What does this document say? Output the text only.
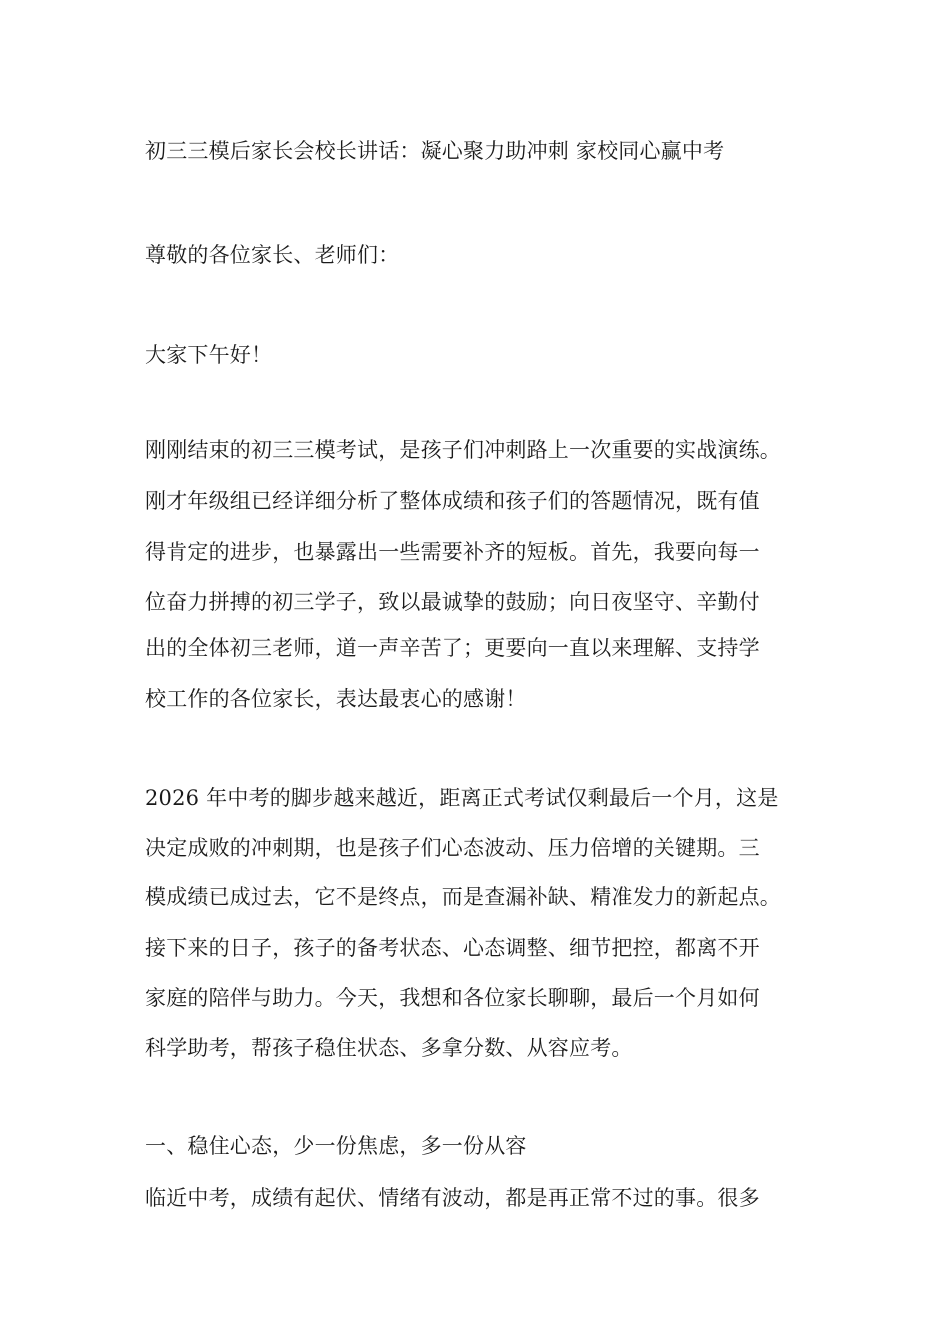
初三三模后家长会校长讲话：凝心聚力助冲刺 家校同心赢中考
尊敬的各位家长、老师们：
大家下午好！
刚刚结束的初三三模考试，是孩子们冲刺路上一次重要的实战演练。
刚才年级组已经详细分析了整体成绩和孩子们的答题情况，既有值
得肯定的进步，也暴露出一些需要补齐的短板。首先，我要向每一
位奋力拼搏的初三学子，致以最诚挚的鼓励；向日夜坚守、辛勤付
出的全体初三老师，道一声辛苦了；更要向一直以来理解、支持学
校工作的各位家长，表达最衷心的感谢！
2026 年中考的脚步越来越近，距离正式考试仅剩最后一个月，这是
决定成败的冲刺期，也是孩子们心态波动、压力倍增的关键期。三
模成绩已成过去，它不是终点，而是查漏补缺、精准发力的新起点。
接下来的日子，孩子的备考状态、心态调整、细节把控，都离不开
家庭的陪伴与助力。今天，我想和各位家长聊聊，最后一个月如何
科学助考，帮孩子稳住状态、多拿分数、从容应考。
一、稳住心态，少一份焦虑，多一份从容
临近中考，成绩有起伏、情绪有波动，都是再正常不过的事。很多
